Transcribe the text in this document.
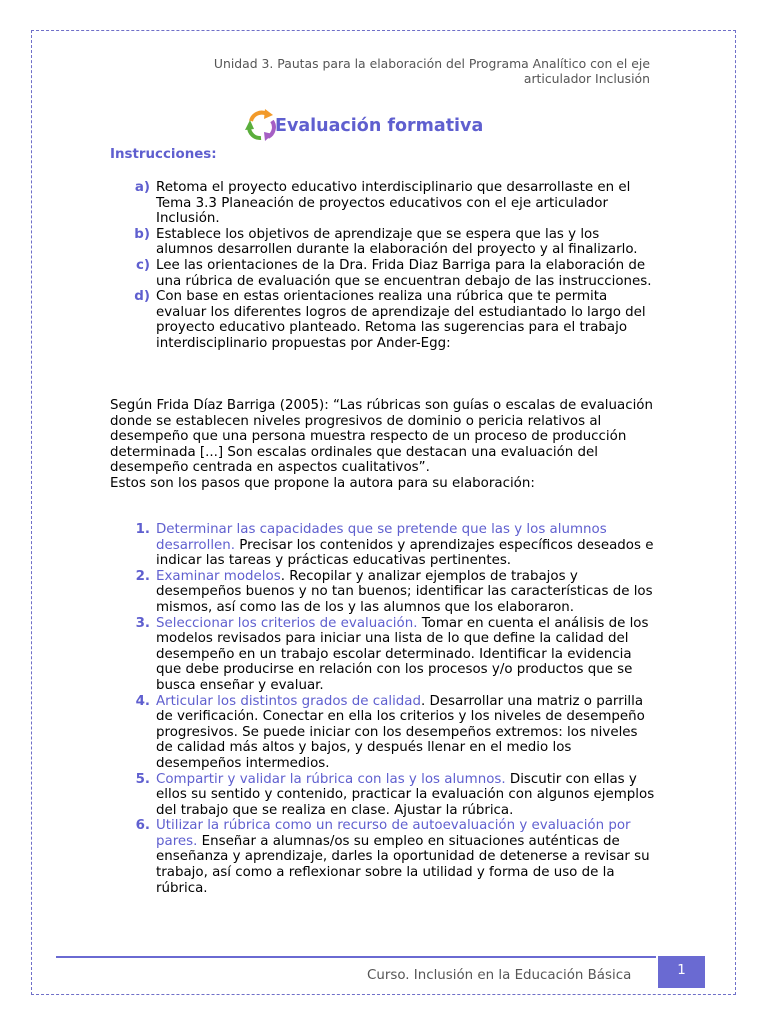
Unidad 3. Pautas para la elaboración del Programa Analítico con el eje
articulador Inclusión
Evaluación formativa
Instrucciones:
a) Retoma el proyecto educativo interdisciplinario que desarrollaste en el Tema 3.3 Planeación de proyectos educativos con el eje articulador Inclusión.
b) Establece los objetivos de aprendizaje que se espera que las y los alumnos desarrollen durante la elaboración del proyecto y al finalizarlo.
c) Lee las orientaciones de la Dra. Frida Diaz Barriga para la elaboración de una rúbrica de evaluación que se encuentran debajo de las instrucciones.
d) Con base en estas orientaciones realiza una rúbrica que te permita evaluar los diferentes logros de aprendizaje del estudiantado lo largo del proyecto educativo planteado. Retoma las sugerencias para el trabajo interdisciplinario propuestas por Ander-Egg:
Según Frida Díaz Barriga (2005): “Las rúbricas son guías o escalas de evaluación donde se establecen niveles progresivos de dominio o pericia relativos al desempeño que una persona muestra respecto de un proceso de producción determinada [...] Son escalas ordinales que destacan una evaluación del desempeño centrada en aspectos cualitativos”.
Estos son los pasos que propone la autora para su elaboración:
1. Determinar las capacidades que se pretende que las y los alumnos desarrollen. Precisar los contenidos y aprendizajes específicos deseados e indicar las tareas y prácticas educativas pertinentes.
2. Examinar modelos. Recopilar y analizar ejemplos de trabajos y desempeños buenos y no tan buenos; identificar las características de los mismos, así como las de los y las alumnos que los elaboraron.
3. Seleccionar los criterios de evaluación. Tomar en cuenta el análisis de los modelos revisados para iniciar una lista de lo que define la calidad del desempeño en un trabajo escolar determinado. Identificar la evidencia que debe producirse en relación con los procesos y/o productos que se busca enseñar y evaluar.
4. Articular los distintos grados de calidad. Desarrollar una matriz o parrilla de verificación. Conectar en ella los criterios y los niveles de desempeño progresivos. Se puede iniciar con los desempeños extremos: los niveles de calidad más altos y bajos, y después llenar en el medio los desempeños intermedios.
5. Compartir y validar la rúbrica con las y los alumnos. Discutir con ellas y ellos su sentido y contenido, practicar la evaluación con algunos ejemplos del trabajo que se realiza en clase. Ajustar la rúbrica.
6. Utilizar la rúbrica como un recurso de autoevaluación y evaluación por pares. Enseñar a alumnas/os su empleo en situaciones auténticas de enseñanza y aprendizaje, darles la oportunidad de detenerse a revisar su trabajo, así como a reflexionar sobre la utilidad y forma de uso de la rúbrica.
Curso. Inclusión en la Educación Básica	1
